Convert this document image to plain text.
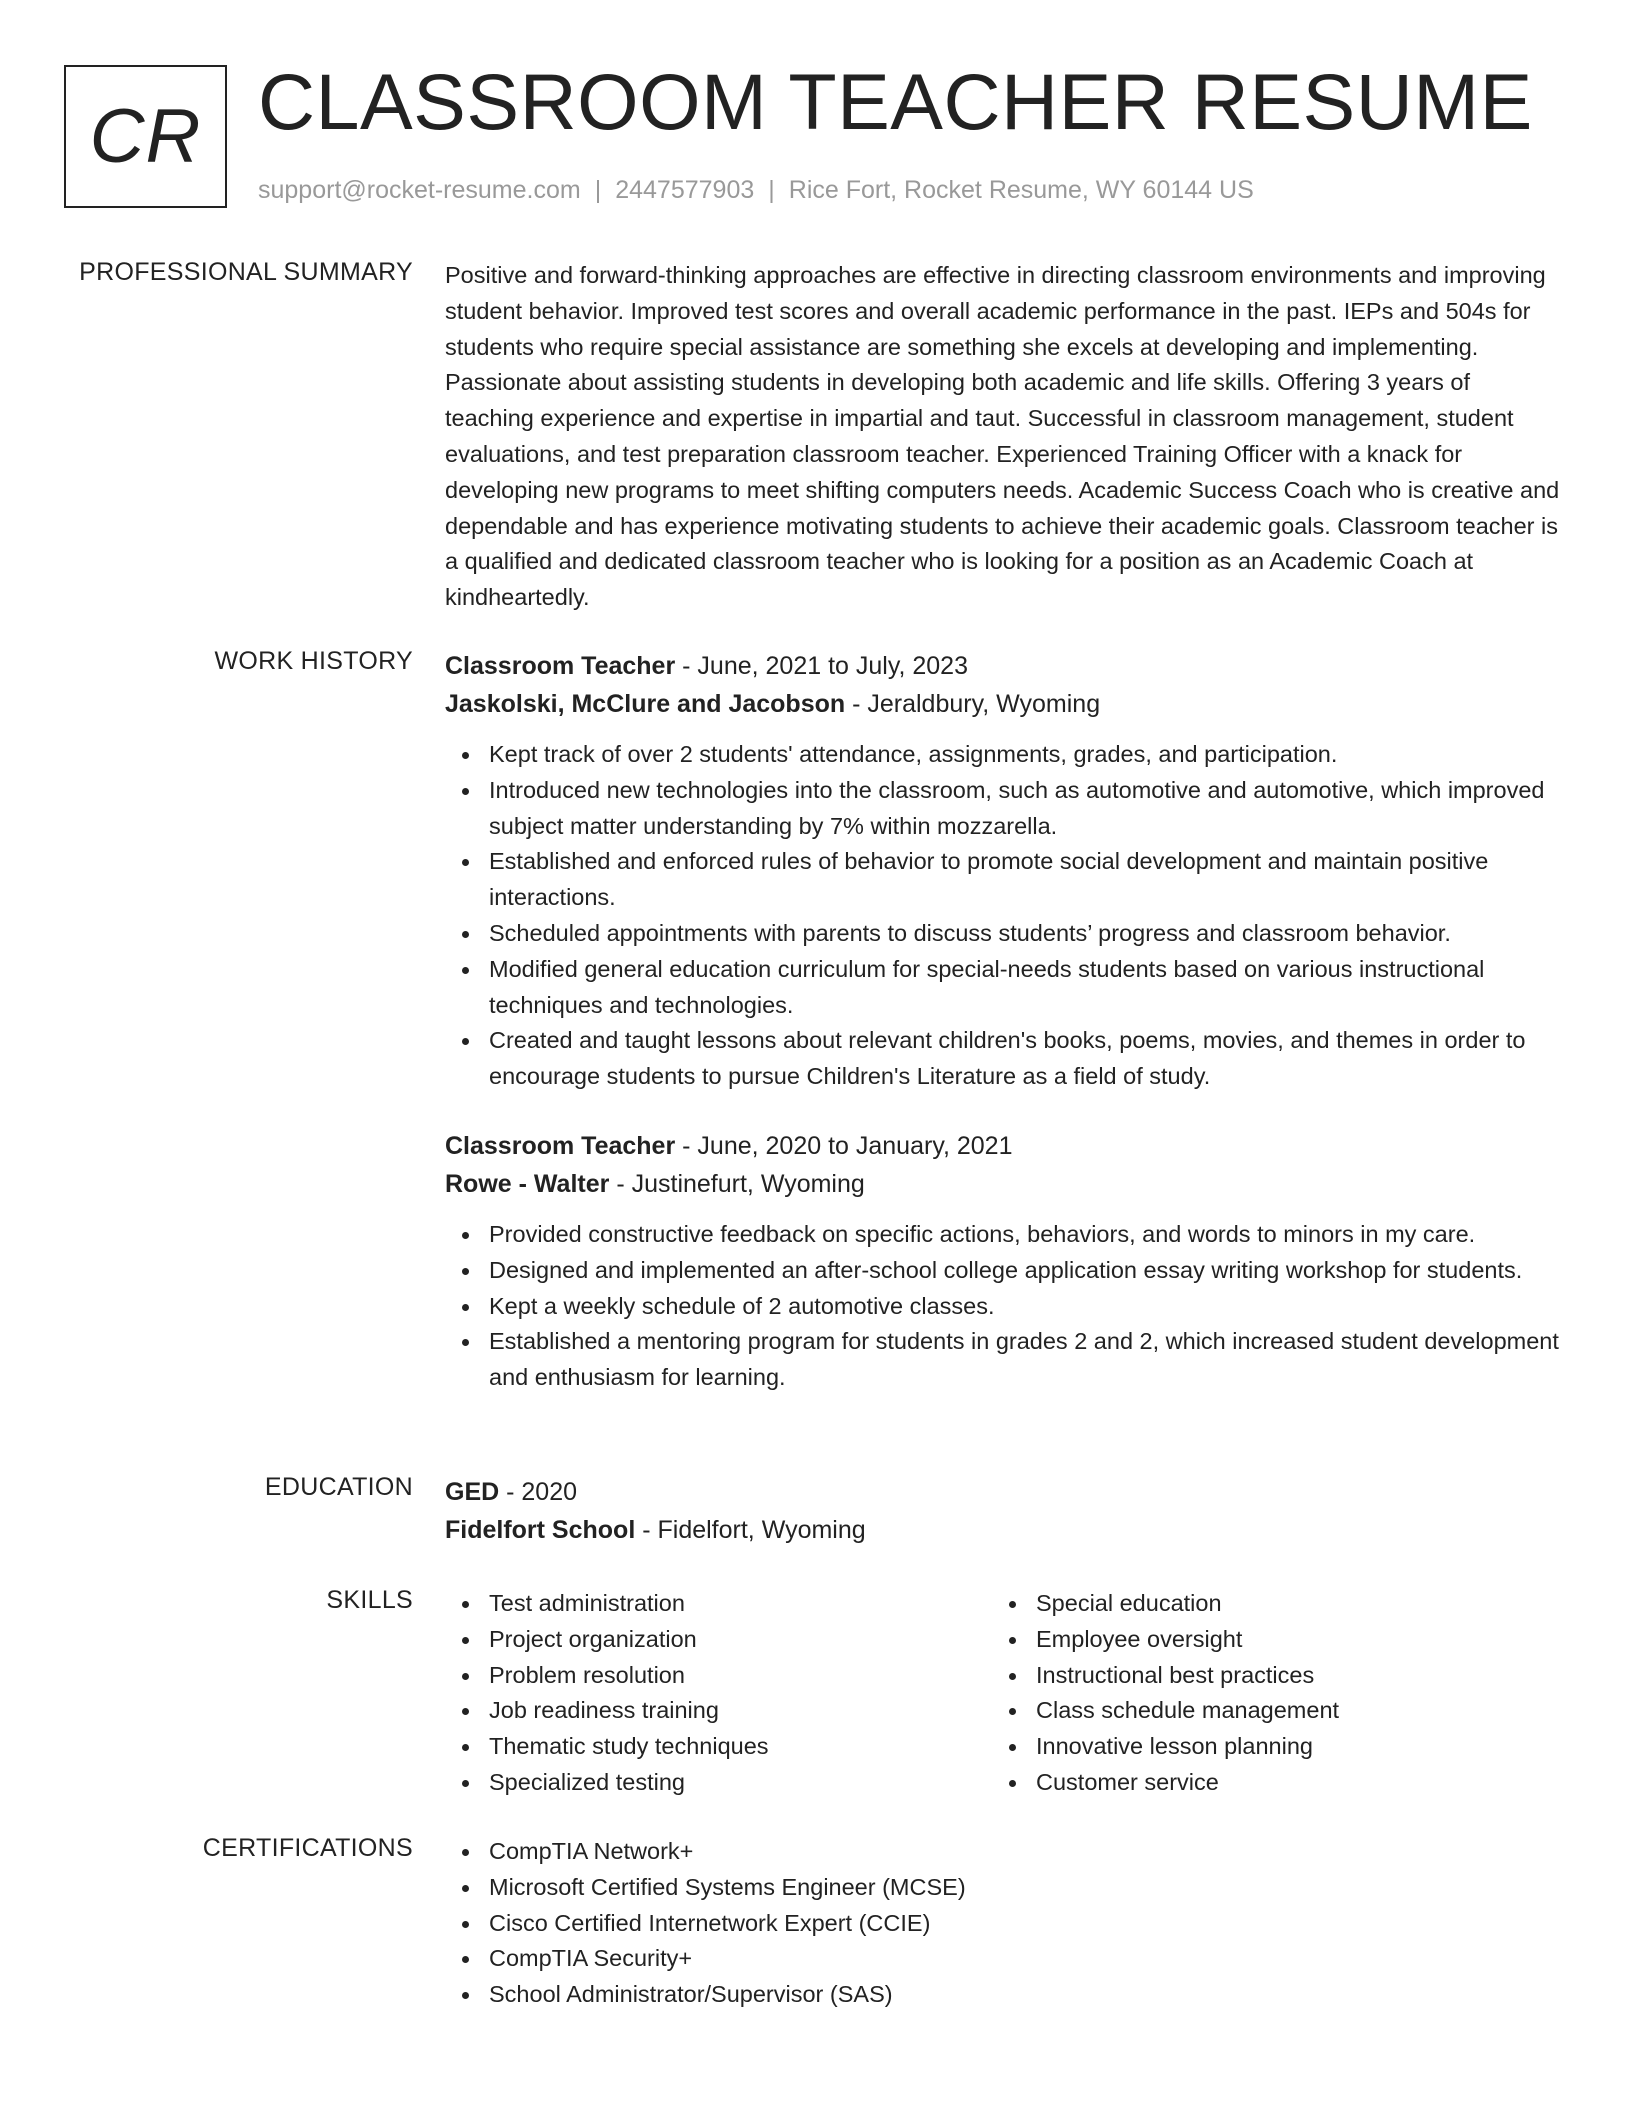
CR CLASSROOM TEACHER RESUME
support@rocket-resume.com | 2447577903 | Rice Fort, Rocket Resume, WY 60144 US
PROFESSIONAL SUMMARY Positive and forward-thinking approaches are effective in directing classroom environments and improving student behavior. Improved test scores and overall academic performance in the past. IEPs and 504s for students who require special assistance are something she excels at developing and implementing. Passionate about assisting students in developing both academic and life skills. Offering 3 years of teaching experience and expertise in impartial and taut. Successful in classroom management, student evaluations, and test preparation classroom teacher. Experienced Training Officer with a knack for developing new programs to meet shifting computers needs. Academic Success Coach who is creative and dependable and has experience motivating students to achieve their academic goals. Classroom teacher is a qualified and dedicated classroom teacher who is looking for a position as an Academic Coach at kindheartedly.

WORK HISTORY Classroom Teacher - June, 2021 to July, 2023
Jaskolski, McClure and Jacobson - Jeraldbury, Wyoming
Kept track of over 2 students' attendance, assignments, grades, and participation.
Introduced new technologies into the classroom, such as automotive and automotive, which improved subject matter understanding by 7% within mozzarella.
Established and enforced rules of behavior to promote social development and maintain positive interactions.
Scheduled appointments with parents to discuss students’ progress and classroom behavior.
Modified general education curriculum for special-needs students based on various instructional techniques and technologies.
Created and taught lessons about relevant children's books, poems, movies, and themes in order to encourage students to pursue Children's Literature as a field of study.
Classroom Teacher - June, 2020 to January, 2021
Rowe - Walter - Justinefurt, Wyoming
Provided constructive feedback on specific actions, behaviors, and words to minors in my care.
Designed and implemented an after-school college application essay writing workshop for students.
Kept a weekly schedule of 2 automotive classes.
Established a mentoring program for students in grades 2 and 2, which increased student development and enthusiasm for learning.
EDUCATION GED - 2020
Fidelfort School - Fidelfort, Wyoming
SKILLS	Test administration
Project organization
Problem resolution
Job readiness training
Thematic study techniques
Specialized testing
Special education
Employee oversight
Instructional best practices
Class schedule management
Innovative lesson planning
Customer service
CERTIFICATIONS	CompTIA Network+
Microsoft Certified Systems Engineer (MCSE)
Cisco Certified Internetwork Expert (CCIE)
CompTIA Security+
School Administrator/Supervisor (SAS)
